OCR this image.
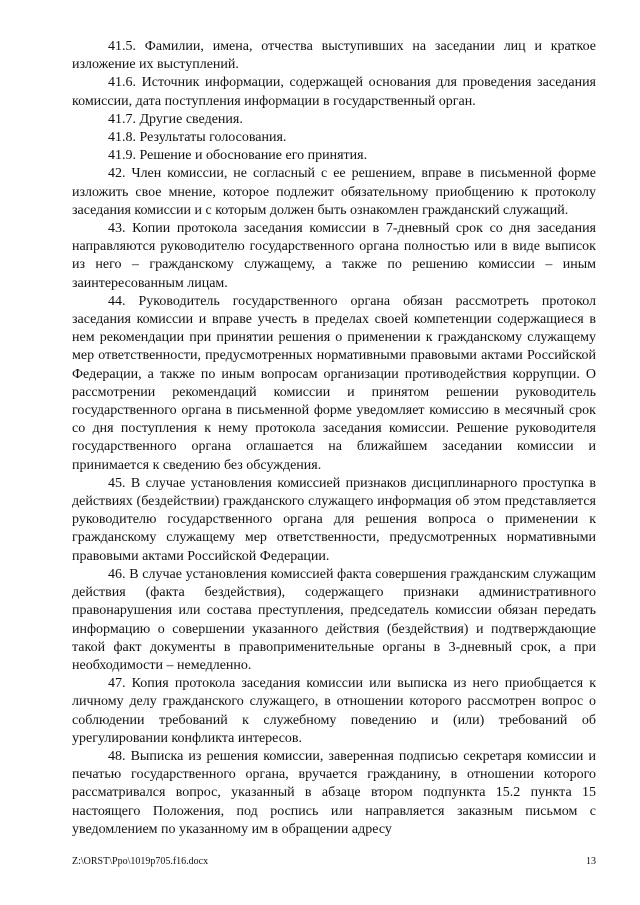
41.5. Фамилии, имена, отчества выступивших на заседании лиц и краткое изложение их выступлений.

41.6. Источник информации, содержащей основания для проведения заседания комиссии, дата поступления информации в государственный орган.

41.7. Другие сведения.

41.8. Результаты голосования.

41.9. Решение и обоснование его принятия.

42. Член комиссии, не согласный с ее решением, вправе в письменной форме изложить свое мнение, которое подлежит обязательному приобщению к протоколу заседания комиссии и с которым должен быть ознакомлен гражданский служащий.

43. Копии протокола заседания комиссии в 7-дневный срок со дня заседания направляются руководителю государственного органа полностью или в виде выписок из него – гражданскому служащему, а также по решению комиссии – иным заинтересованным лицам.

44. Руководитель государственного органа обязан рассмотреть протокол заседания комиссии и вправе учесть в пределах своей компетенции содержащиеся в нем рекомендации при принятии решения о применении к гражданскому служащему мер ответственности, предусмотренных нормативными правовыми актами Российской Федерации, а также по иным вопросам организации противодействия коррупции. О рассмотрении рекомендаций комиссии и принятом решении руководитель государственного органа в письменной форме уведомляет комиссию в месячный срок со дня поступления к нему протокола заседания комиссии. Решение руководителя государственного органа оглашается на ближайшем заседании комиссии и принимается к сведению без обсуждения.

45. В случае установления комиссией признаков дисциплинарного проступка в действиях (бездействии) гражданского служащего информация об этом представляется руководителю государственного органа для решения вопроса о применении к гражданскому служащему мер ответственности, предусмотренных нормативными правовыми актами Российской Федерации.

46. В случае установления комиссией факта совершения гражданским служащим действия (факта бездействия), содержащего признаки административного правонарушения или состава преступления, председатель комиссии обязан передать информацию о совершении указанного действия (бездействия) и подтверждающие такой факт документы в правоприменительные органы в 3-дневный срок, а при необходимости – немедленно.

47. Копия протокола заседания комиссии или выписка из него приобщается к личному делу гражданского служащего, в отношении которого рассмотрен вопрос о соблюдении требований к служебному поведению и (или) требований об урегулировании конфликта интересов.

48. Выписка из решения комиссии, заверенная подписью секретаря комиссии и печатью государственного органа, вручается гражданину, в отношении которого рассматривался вопрос, указанный в абзаце втором подпункта 15.2 пункта 15 настоящего Положения, под роспись или направляется заказным письмом с уведомлением по указанному им в обращении адресу

Z:\ORST\Ppo\1019p705.f16.docx	13
